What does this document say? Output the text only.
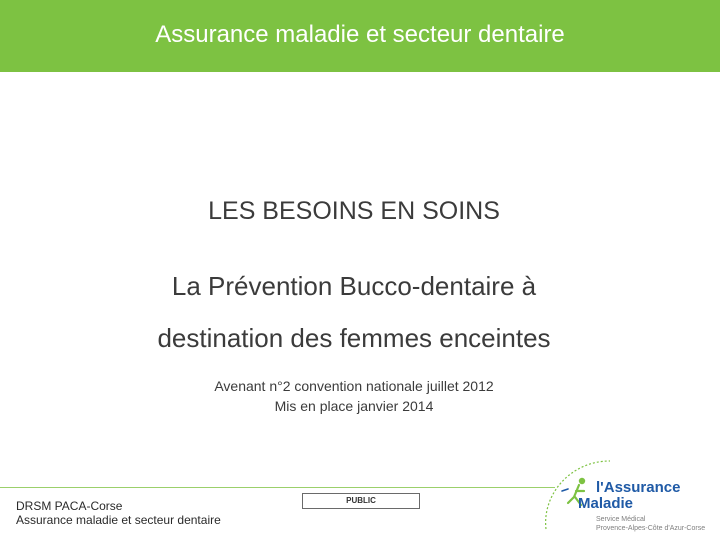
Assurance maladie et secteur dentaire
LES BESOINS EN SOINS
La Prévention Bucco-dentaire à
destination des femmes enceintes
Avenant n°2 convention nationale juillet 2012
Mis en place janvier 2014
DRSM PACA-Corse
Assurance maladie et secteur dentaire
PUBLIC
l'Assurance
Maladie
Service Médical
Provence-Alpes-Côte d'Azur-Corse
